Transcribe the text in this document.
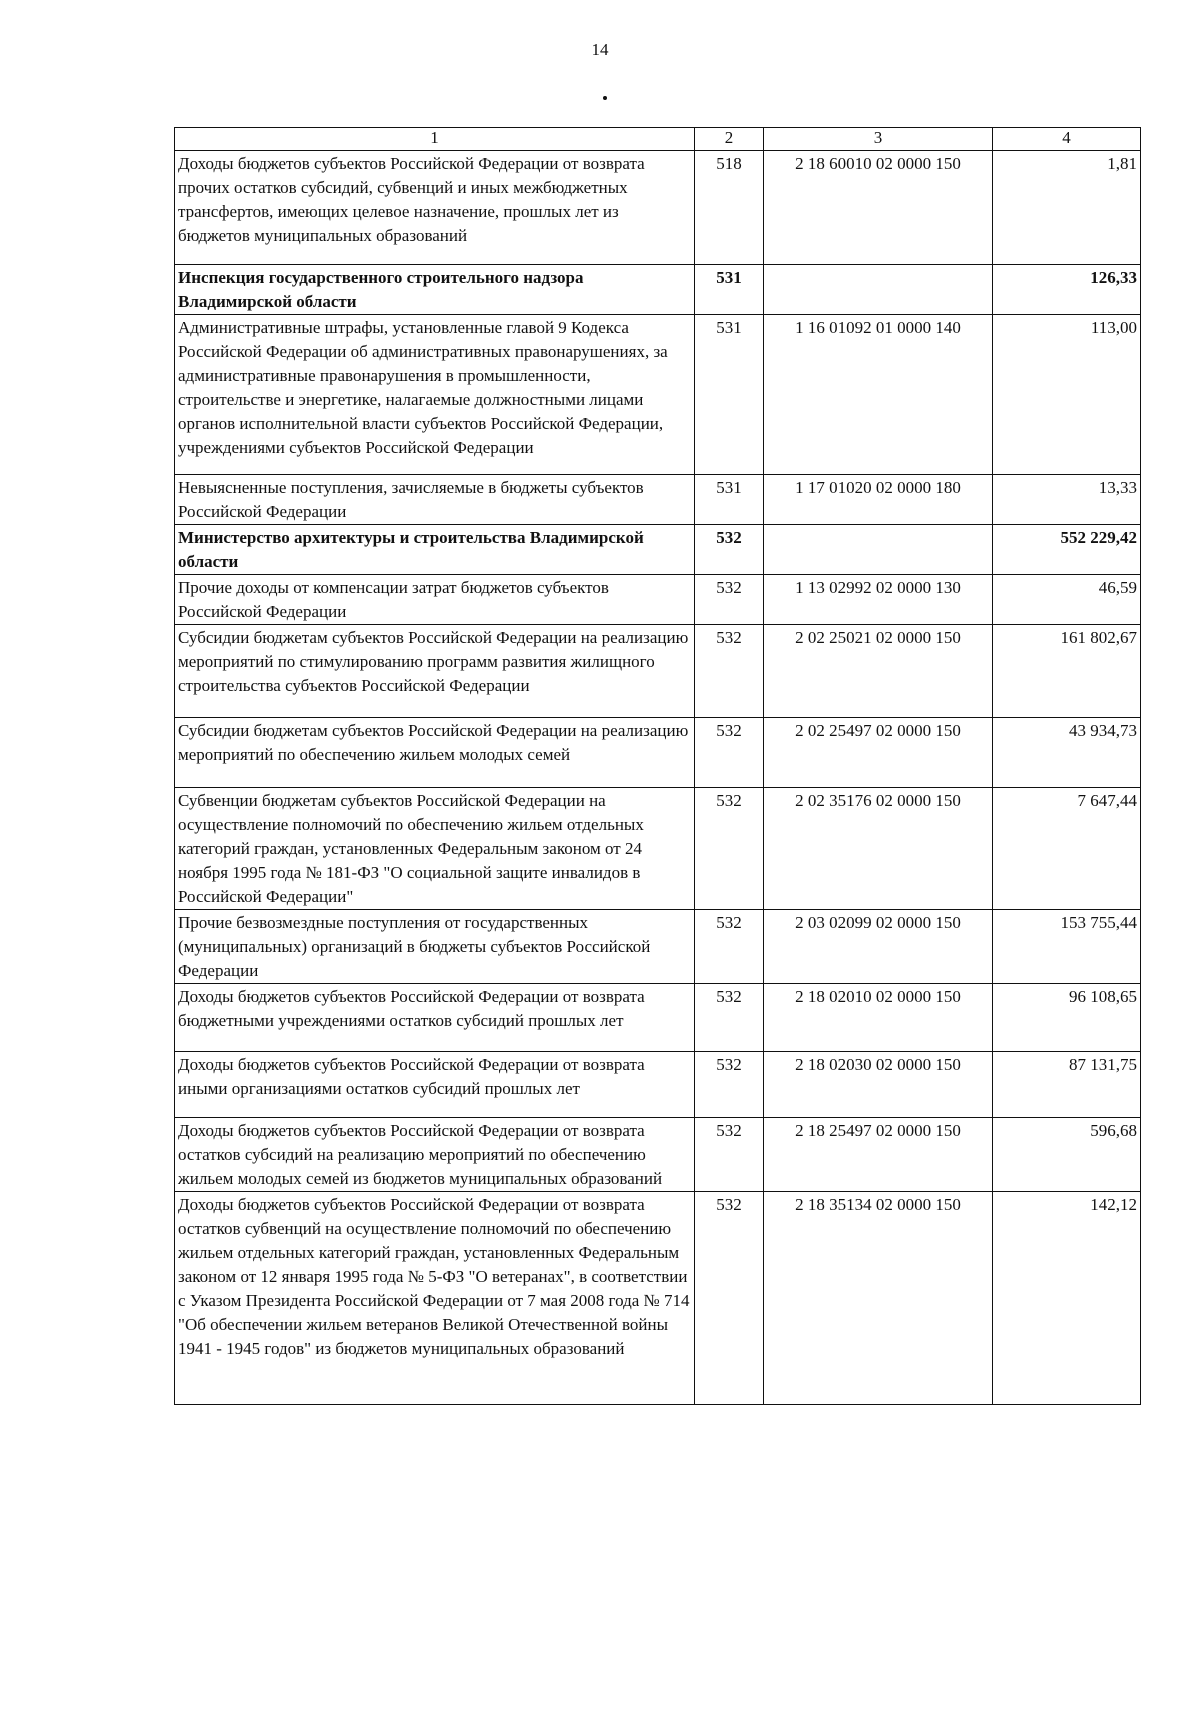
14
1	2	3	4
Доходы бюджетов субъектов Российской Федерации от возврата прочих остатков субсидий, субвенций и иных межбюджетных трансфертов, имеющих целевое назначение, прошлых лет из бюджетов муниципальных образований	518	2 18 60010 02 0000 150	1,81
Инспекция государственного строительного надзора Владимирской области	531		126,33
Административные штрафы, установленные главой 9 Кодекса Российской Федерации об административных правонарушениях, за административные правонарушения в промышленности, строительстве и энергетике, налагаемые должностными лицами органов исполнительной власти субъектов Российской Федерации, учреждениями субъектов Российской Федерации	531	1 16 01092 01 0000 140	113,00
Невыясненные поступления, зачисляемые в бюджеты субъектов Российской Федерации	531	1 17 01020 02 0000 180	13,33
Министерство архитектуры и строительства Владимирской области	532		552 229,42
Прочие доходы от компенсации затрат бюджетов субъектов Российской Федерации	532	1 13 02992 02 0000 130	46,59
Субсидии бюджетам субъектов Российской Федерации на реализацию мероприятий по стимулированию программ развития жилищного строительства субъектов Российской Федерации	532	2 02 25021 02 0000 150	161 802,67
Субсидии бюджетам субъектов Российской Федерации на реализацию мероприятий по обеспечению жильем молодых семей	532	2 02 25497 02 0000 150	43 934,73
Субвенции бюджетам субъектов Российской Федерации на осуществление полномочий по обеспечению жильем отдельных категорий граждан, установленных Федеральным законом от 24 ноября 1995 года № 181-ФЗ "О социальной защите инвалидов в Российской Федерации"	532	2 02 35176 02 0000 150	7 647,44
Прочие безвозмездные поступления от государственных (муниципальных) организаций в бюджеты субъектов Российской Федерации	532	2 03 02099 02 0000 150	153 755,44
Доходы бюджетов субъектов Российской Федерации от возврата бюджетными учреждениями остатков субсидий прошлых лет	532	2 18 02010 02 0000 150	96 108,65
Доходы бюджетов субъектов Российской Федерации от возврата иными организациями остатков субсидий прошлых лет	532	2 18 02030 02 0000 150	87 131,75
Доходы бюджетов субъектов Российской Федерации от возврата остатков субсидий на реализацию мероприятий по обеспечению жильем молодых семей из бюджетов муниципальных образований	532	2 18 25497 02 0000 150	596,68
Доходы бюджетов субъектов Российской Федерации от возврата остатков субвенций на осуществление полномочий по обеспечению жильем отдельных категорий граждан, установленных Федеральным законом от 12 января 1995 года № 5-ФЗ "О ветеранах", в соответствии с Указом Президента Российской Федерации от 7 мая 2008 года № 714 "Об обеспечении жильем ветеранов Великой Отечественной войны 1941 - 1945 годов" из бюджетов муниципальных образований	532	2 18 35134 02 0000 150	142,12
